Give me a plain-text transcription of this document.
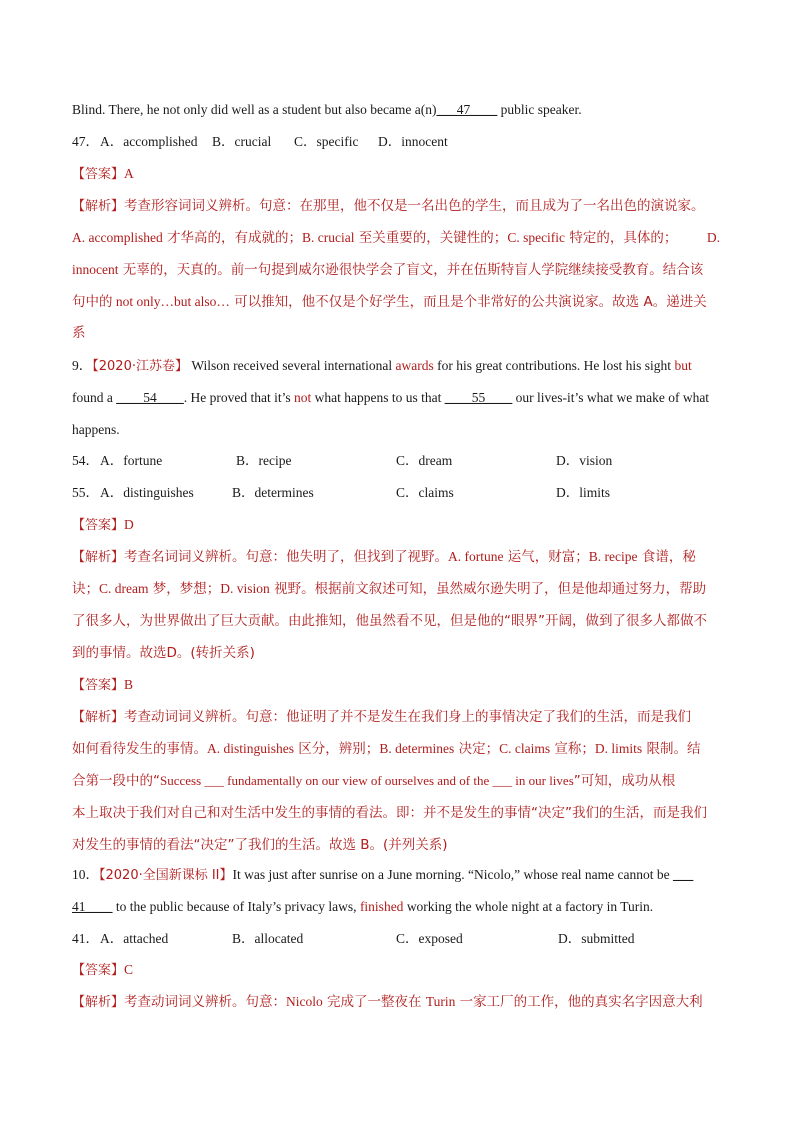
Blind. There, he not only did well as a student but also became a(n)___47____ public speaker.
47． A．accomplished B．crucial C．specific D．innocent
【答案】A
【解析】考查形容词词义辨析。句意：在那里，他不仅是一名出色的学生，而且成为了一名出色的演说家。
A. accomplished 才华高的，有成就的；B. crucial 至关重要的，关键性的；C. specific 特定的，具体的； D.
innocent 无辜的，天真的。前一句提到威尔逊很快学会了盲文，并在伍斯特盲人学院继续接受教育。结合该
句中的 not only…but also… 可以推知，他不仅是个好学生，而且是个非常好的公共演说家。故选 A。递进关
系
9．【2020·江苏卷】 Wilson received several international awards for his great contributions. He lost his sight but
found a ____54____. He proved that it’s not what happens to us that ____55____ our lives-it’s what we make of what
happens.
54． A．fortune	B．recipe	C．dream	D．vision
55． A．distinguishes	B．determines	C．claims	D．limits
【答案】D
【解析】考查名词词义辨析。句意：他失明了，但找到了视野。A. fortune 运气，财富；B. recipe 食谱，秘
诀；C. dream 梦，梦想；D. vision 视野。根据前文叙述可知，虽然威尔逊失明了，但是他却通过努力，帮助
了很多人，为世界做出了巨大贡献。由此推知，他虽然看不见，但是他的“眼界”开阔，做到了很多人都做不
到的事情。故选D。(转折关系)
【答案】B
【解析】考查动词词义辨析。句意：他证明了并不是发生在我们身上的事情决定了我们的生活，而是我们
如何看待发生的事情。A. distinguishes 区分，辨别；B. determines 决定；C. claims 宣称；D. limits 限制。结
合第一段中的“Success ___ fundamentally on our view of ourselves and of the ___ in our lives”可知，成功从根
本上取决于我们对自己和对生活中发生的事情的看法。即：并不是发生的事情“决定”我们的生活，而是我们
对发生的事情的看法“决定”了我们的生活。故选 B。(并列关系)
10．【2020·全国新课标 II】It was just after sunrise on a June morning. “Nicolo,” whose real name cannot be ___
41____ to the public because of Italy’s privacy laws, finished working the whole night at a factory in Turin.
41． A．attached	B．allocated	C．exposed	D．submitted
【答案】C
【解析】考查动词词义辨析。句意：Nicolo 完成了一整夜在 Turin 一家工厂的工作，他的真实名字因意大利
